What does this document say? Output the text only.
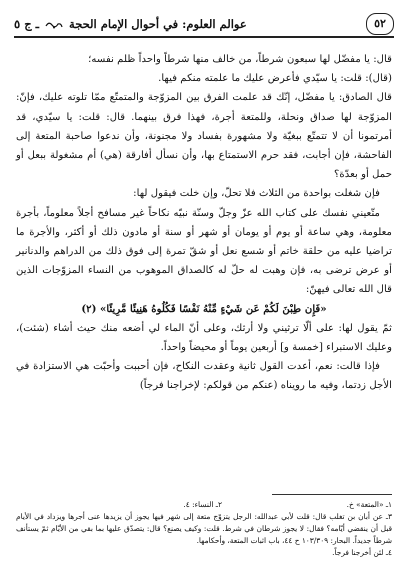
٥٢
عوالم العلوم: في أحوال الإمام الحجة  ـ ج ٥

قال: يا مفضّل لها سبعون شرطاً، من خالف منها شرطاً واحداً ظلم نفسه؛

(قال): قلت: يا سيّدي فأعرض عليك ما علمته منكم فيها.

قال الصادق: يا مفضّل، إنّك قد علمت الفرق بين المزوّجة والمتمتّع ممّا تلوته عليك، فإنّ: المزوّجة لها صداق ونحلة، وللمتعة أجرة، فهذا فرق بينهما. قال: قلت: يا سيّدي، قد أمرتمونا أن لا تتمتّع ببغيّة ولا مشهورة بفساد ولا مجنونة، وأن ندعوا صاحبة المتعة إلى الفاحشة، فإن أجابت، فقد حرم الاستمتاع بها، وأن نسأل أفارقة (هي) أم مشغولة ببعل أو حمل أو بعدّة؟

فإن شغلت بواحدة من الثلاث فلا تحلّ، وإن خلت فيقول لها:

متّعيني نفسك على كتاب الله عزّ وجلّ وسنّة نبيّه نكاحاً غير مسافح أجلاً معلوماً، بأجرة معلومة، وهي ساعة أو يوم أو يومان أو شهر أو سنة أو مادون ذلك أو أكثر، والأجرة ما تراضيا عليه من حلقة خاتم أو شسع نعل أو شقّ تمرة إلى فوق ذلك من الدراهم والدنانير أو عرض ترضى به، فإن وهبت له حلّ له كالصداق الموهوب من النساء المزوّجات الذين قال الله تعالى فيهنّ:

«فَإِن طِبْنَ لَكُمْ عَن شَيْءٍ مِّنْهُ نَفْسًا فَكُلُوهُ هَنِيئًا مَّرِيئًا» (٢)

ثمّ يقول لها: على ألّا ترثيني ولا أرثك، وعلى أنّ الماء لي أضعه منك حيث أشاء (شئت)، وعليك الاستبراء [خمسة و] أربعين يوماً أو محيضاً واحداً.

فإذا قالت: نعم، أعدت القول ثانية وعقدت النكاح، فإن أحببت وأحبّت هي الاستزادة في الأجل زدتما، وفيه ما رويناه (عنكم من قولكم: لإخراجنا فرجاً)

١ـ «المتعة» خ.  ٢ـ النساء: ٤.

٣ـ عن أبان بن تغلب قال: قلت لأبي عبدالله: الرجل يتزوّج متعة إلى شهر فيها يجوز أن يزيدها عنى أجرها ويزداد في الأيام قبل أن ينقضي أيّامه؟ فقال: لا يجوز شرطان في شرط. قلت: وكيف يصنع؟ قال: يتصدّق عليها بما بقي من الأيّام ثمّ يستأنف شرطاً جديداً. البحار: ١٠٣/٣٠٩ ح ٤٤، باب اثبات المتعة، وأحكامها.

٤ـ لئن أخرجنا فرجاً.
